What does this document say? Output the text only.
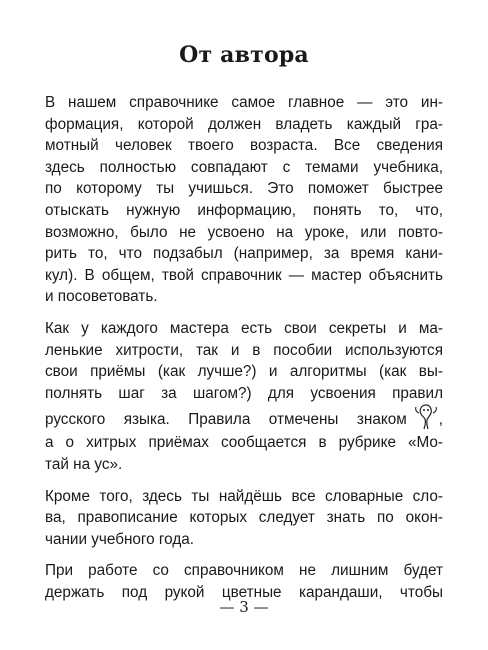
От автора
В нашем справочнике самое главное — это ин-
формация, которой должен владеть каждый гра-
мотный человек твоего возраста. Все сведения
здесь полностью совпадают с темами учебника,
по которому ты учишься. Это поможет быстрее
отыскать нужную информацию, понять то, что,
возможно, было не усвоено на уроке, или повто-
рить то, что подзабыл (например, за время кани-
кул). В общем, твой справочник — мастер объяснить
и посоветовать.
Как у каждого мастера есть свои секреты и ма-
ленькие хитрости, так и в пособии используются
свои приёмы (как лучше?) и алгоритмы (как вы-
полнять шаг за шагом?) для усвоения правил
русского языка. Правила отмечены знаком ,
а о хитрых приёмах сообщается в рубрике «Мо-
тай на ус».
Кроме того, здесь ты найдёшь все словарные сло-
ва, правописание которых следует знать по окон-
чании учебного года.
При работе со справочником не лишним будет
держать под рукой цветные карандаши, чтобы
— 3 —
